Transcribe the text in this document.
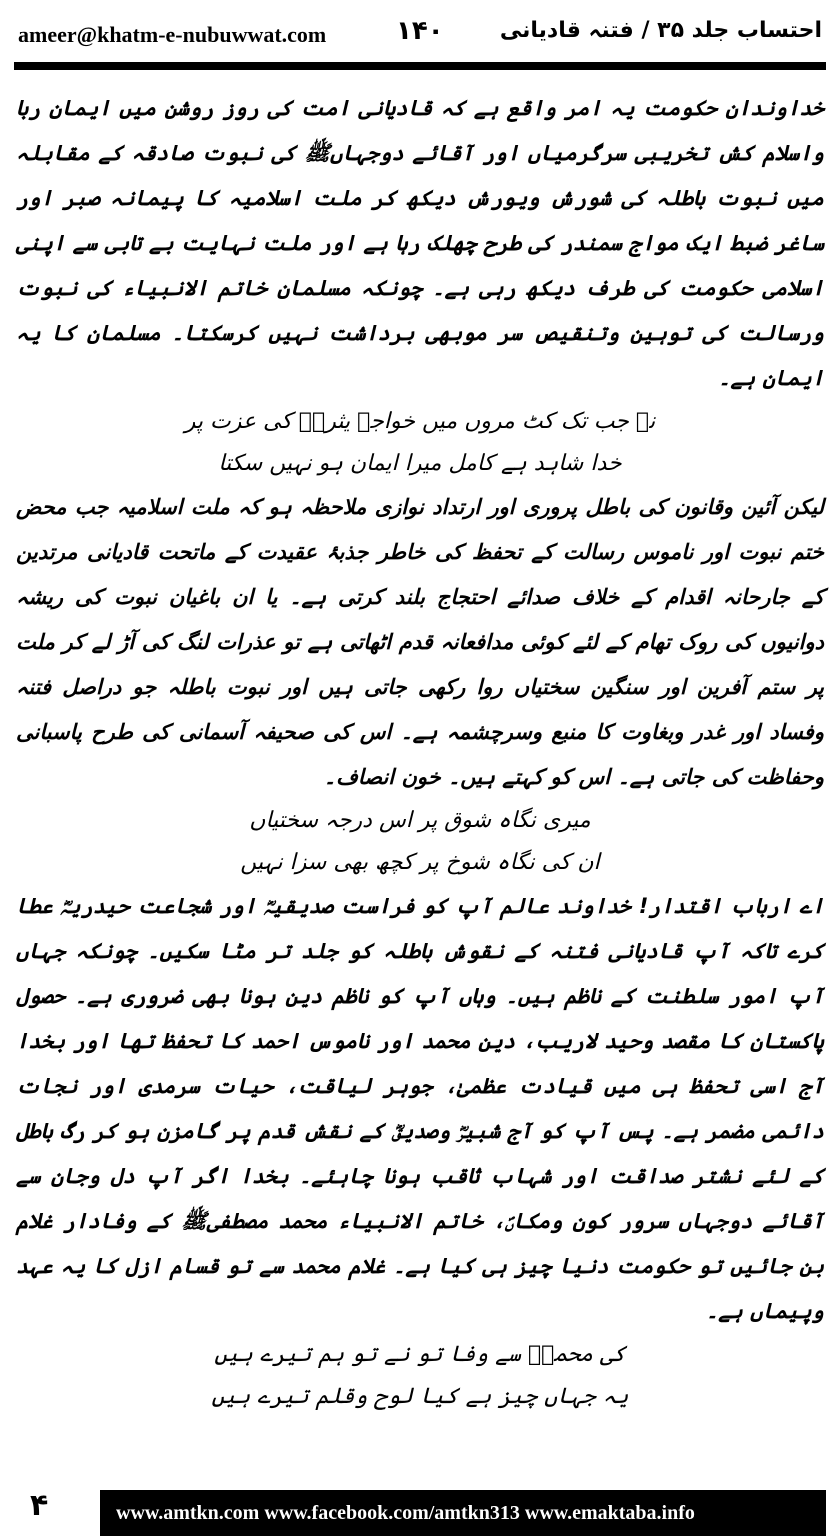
ameer@khatm-e-nubuwwat.com	۱۴۰	احتساب جلد ۳۵ / فتنہ قادیانی

خداوندان حکومت یہ امر واقع ہے کہ قادیانی امت کی روز روشن میں ایمان ربا واسلام کش تخریبی سرگرمیاں اور آقائے دوجہاںﷺ کی نبوت صادقہ کے مقابلہ میں نبوت باطلہ کی شورش ویورش دیکھ کر ملت اسلامیہ کا پیمانہ صبر اور ساغر ضبط ایک مواج سمندر کی طرح چھلک رہا ہے اور ملت نہایت بے تابی سے اپنی اسلامی حکومت کی طرف دیکھ رہی ہے۔ چونکہ مسلمان خاتم الانبیاء کی نبوت ورسالت کی توہین وتنقیص سر موبھی برداشت نہیں کرسکتا۔ مسلمان کا یہ ایمان ہے۔

نہ جب تک کٹ مروں میں خواجہ یثربؐ کی عزت پر

خدا شاہد ہے کامل میرا ایمان ہو نہیں سکتا

لیکن آئین وقانون کی باطل پروری اور ارتداد نوازی ملاحظہ ہو کہ ملت اسلامیہ جب محض ختم نبوت اور ناموس رسالت کے تحفظ کی خاطر جذبۂ عقیدت کے ماتحت قادیانی مرتدین کے جارحانہ اقدام کے خلاف صدائے احتجاج بلند کرتی ہے۔ یا ان باغیان نبوت کی ریشہ دوانیوں کی روک تھام کے لئے کوئی مدافعانہ قدم اٹھاتی ہے تو عذرات لنگ کی آڑ لے کر ملت پر ستم آفرین اور سنگین سختیاں روا رکھی جاتی ہیں اور نبوت باطلہ جو دراصل فتنہ وفساد اور غدر وبغاوت کا منبع وسرچشمہ ہے۔ اس کی صحیفہ آسمانی کی طرح پاسبانی وحفاظت کی جاتی ہے۔ اس کو کہتے ہیں۔ خون انصاف۔

میری نگاہ شوق پر اس درجہ سختیاں

ان کی نگاہ شوخ پر کچھ بھی سزا نہیں

اے ارباب اقتدار! خداوند عالم آپ کو فراست صدیقیہؓ اور شجاعت حیدریہؓ عطا کرے تاکہ آپ قادیانی فتنہ کے نقوش باطلہ کو جلد تر مٹا سکیں۔ چونکہ جہاں آپ امور سلطنت کے ناظم ہیں۔ وہاں آپ کو ناظم دین ہونا بھی ضروری ہے۔ حصول پاکستان کا مقصد وحید لاریب، دین محمد اور ناموس احمد کا تحفظ تھا اور بخدا آج اسی تحفظ ہی میں قیادت عظمیٰ، جوہر لیاقت، حیات سرمدی اور نجات دائمی مضمر ہے۔ پس آپ کو آج شبیرؓ وصدیقؓ کے نقش قدم پر گامزن ہو کر رگ باطل کے لئے نشتر صداقت اور شہاب ثاقب ہونا چاہئے۔ بخدا اگر آپ دل وجان سے آقائے دوجہاں سرور کون ومکاںؐ، خاتم الانبیاء محمد مصطفیﷺ کے وفادار غلام بن جائیں تو حکومت دنیا چیز ہی کیا ہے۔ غلام محمد سے تو قسام ازل کا یہ عہد وپیماں ہے۔

کی محمدؐ سے وفا تو نے تو ہم تیرے ہیں

یہ جہاں چیز ہے کیا لوح وقلم تیرے ہیں

۴	www.amtkn.com www.facebook.com/amtkn313 www.emaktaba.info
